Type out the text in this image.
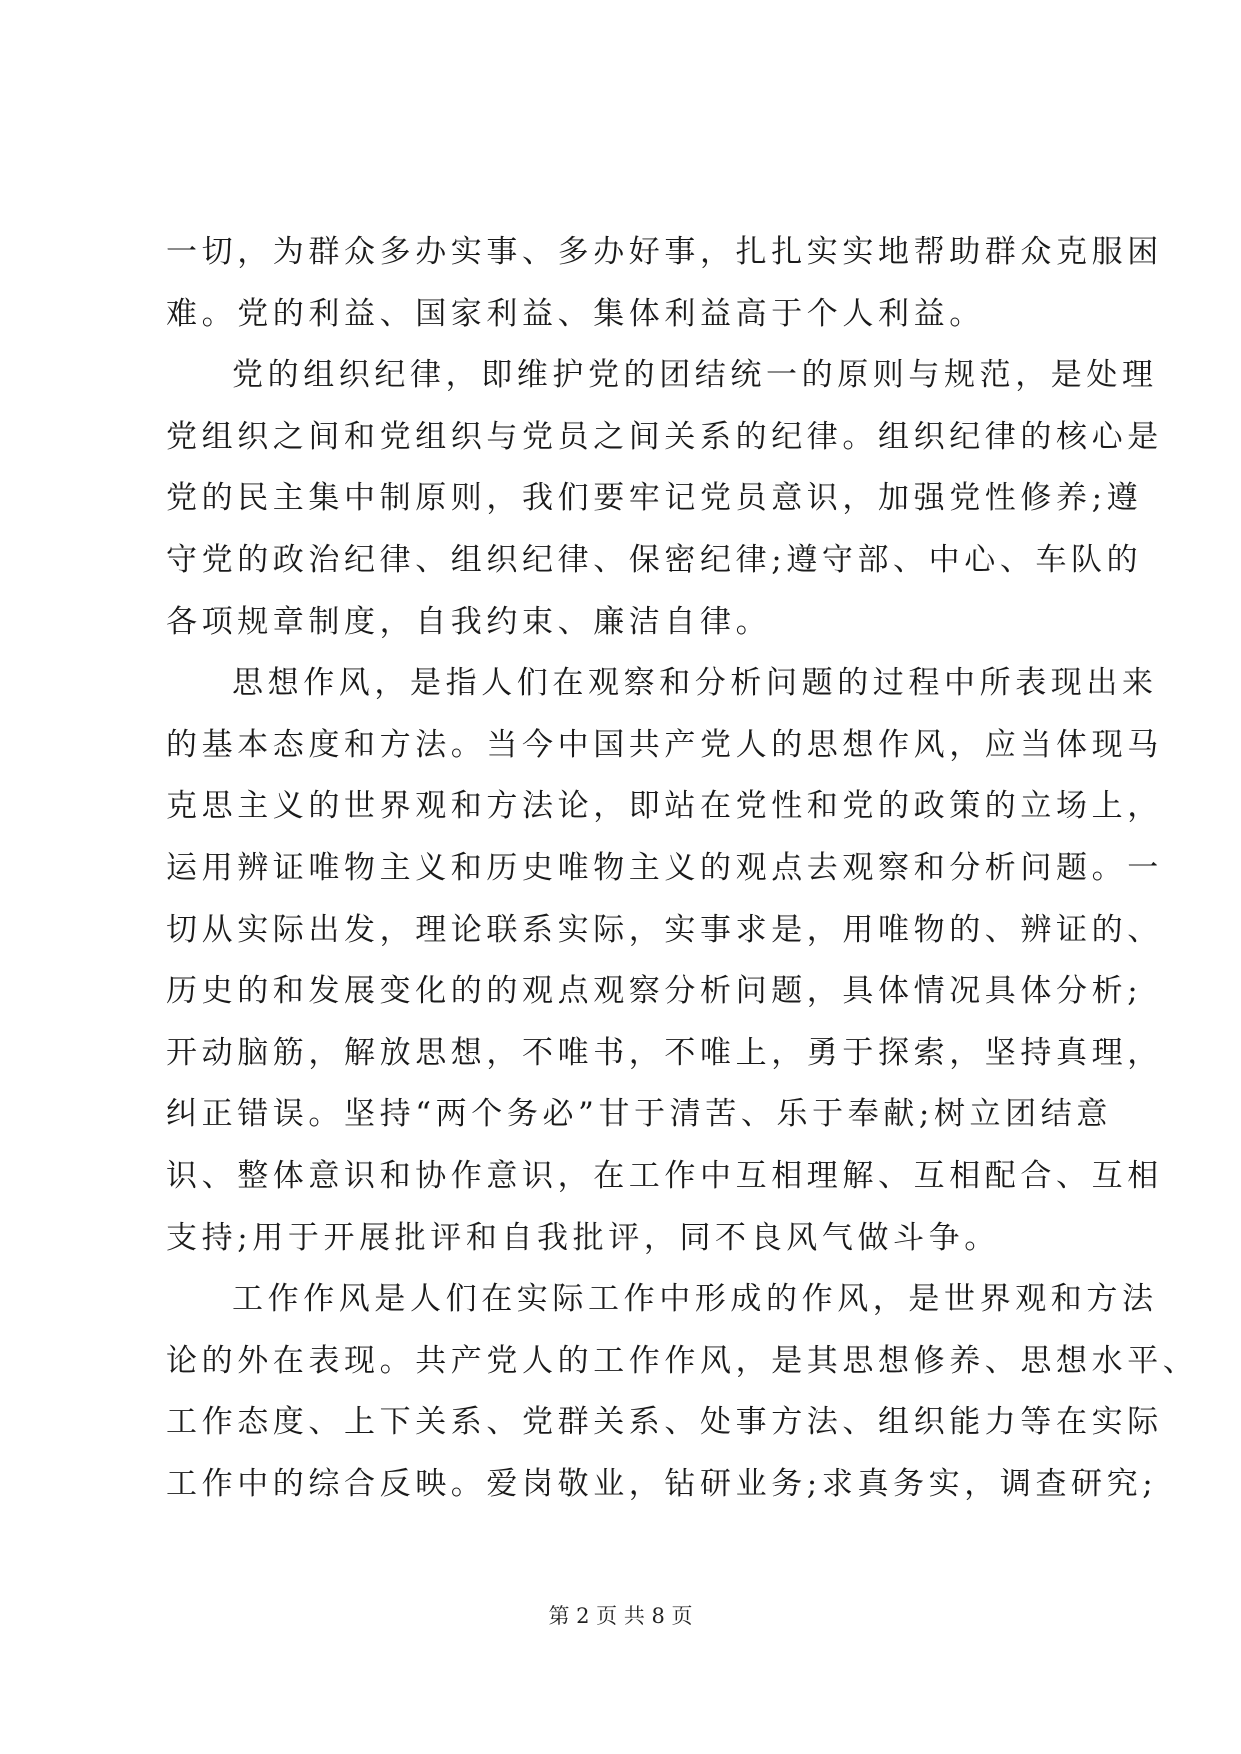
一切，为群众多办实事、多办好事，扎扎实实地帮助群众克服困
难。党的利益、国家利益、集体利益高于个人利益。
党的组织纪律，即维护党的团结统一的原则与规范，是处理
党组织之间和党组织与党员之间关系的纪律。组织纪律的核心是
党的民主集中制原则，我们要牢记党员意识，加强党性修养;遵
守党的政治纪律、组织纪律、保密纪律;遵守部、中心、车队的
各项规章制度，自我约束、廉洁自律。
思想作风，是指人们在观察和分析问题的过程中所表现出来
的基本态度和方法。当今中国共产党人的思想作风，应当体现马
克思主义的世界观和方法论，即站在党性和党的政策的立场上，
运用辨证唯物主义和历史唯物主义的观点去观察和分析问题。一
切从实际出发，理论联系实际，实事求是，用唯物的、辨证的、
历史的和发展变化的的观点观察分析问题，具体情况具体分析;
开动脑筋，解放思想，不唯书，不唯上，勇于探索，坚持真理，
纠正错误。坚持“两个务必”甘于清苦、乐于奉献;树立团结意
识、整体意识和协作意识，在工作中互相理解、互相配合、互相
支持;用于开展批评和自我批评，同不良风气做斗争。
工作作风是人们在实际工作中形成的作风，是世界观和方法
论的外在表现。共产党人的工作作风，是其思想修养、思想水平、
工作态度、上下关系、党群关系、处事方法、组织能力等在实际
工作中的综合反映。爱岗敬业，钻研业务;求真务实，调查研究;
第 2 页 共 8 页
